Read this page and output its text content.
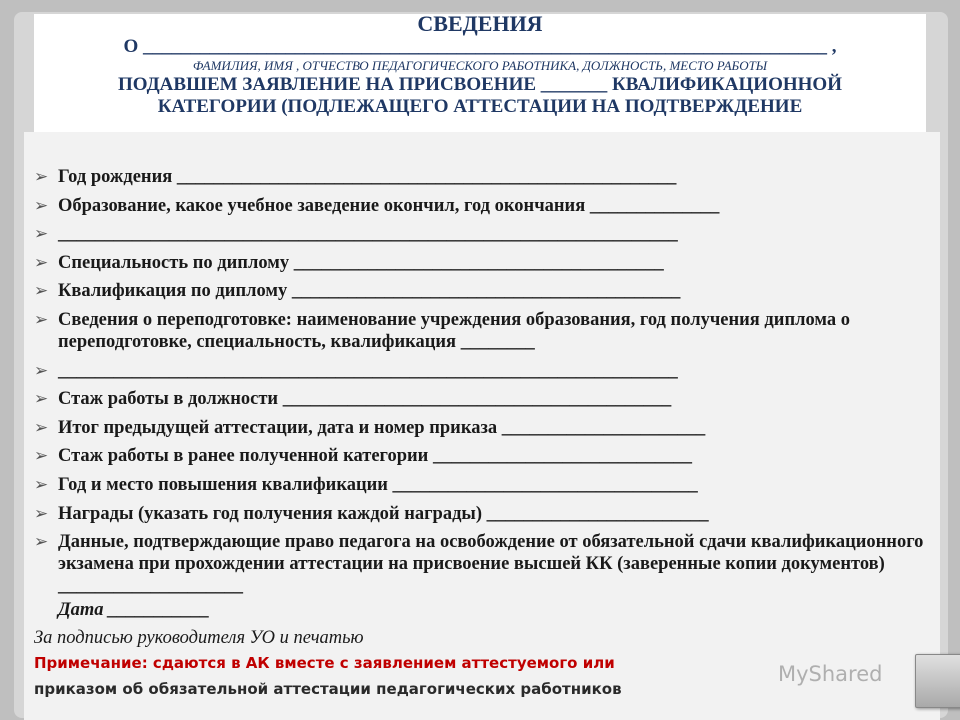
СВЕДЕНИЯ
О ________________________________________________________________________ ,
ФАМИЛИЯ, ИМЯ , ОТЧЕСТВО ПЕДАГОГИЧЕСКОГО РАБОТНИКА, ДОЛЖНОСТЬ, МЕСТО РАБОТЫ
ПОДАВШЕМ ЗАЯВЛЕНИЕ НА ПРИСВОЕНИЕ _______ КВАЛИФИКАЦИОННОЙ
КАТЕГОРИИ (ПОДЛЕЖАЩЕГО АТТЕСТАЦИИ НА ПОДТВЕРЖДЕНИЕ
➢ Год рождения ______________________________________________________
➢ Образование, какое учебное заведение окончил, год окончания ______________
➢ ___________________________________________________________________
➢ Специальность по диплому ________________________________________
➢ Квалификация по диплому __________________________________________
➢ Сведения о переподготовке: наименование учреждения образования, год получения диплома о переподготовке, специальность, квалификация ________
➢ ___________________________________________________________________
➢ Стаж работы в должности __________________________________________
➢ Итог предыдущей аттестации, дата и номер приказа ______________________
➢ Стаж работы в ранее полученной категории ____________________________
➢ Год и место повышения квалификации _________________________________
➢ Награды (указать год получения каждой награды) ________________________
➢ Данные, подтверждающие право педагога на освобождение от обязательной сдачи квалификационного экзамена при прохождении аттестации на присвоение высшей КК (заверенные копии документов) ____________________
Дата ___________
За подписью руководителя УО и печатью
Примечание: сдаются в АК вместе с заявлением аттестуемого или
приказом об обязательной аттестации педагогических работников
MyShared
